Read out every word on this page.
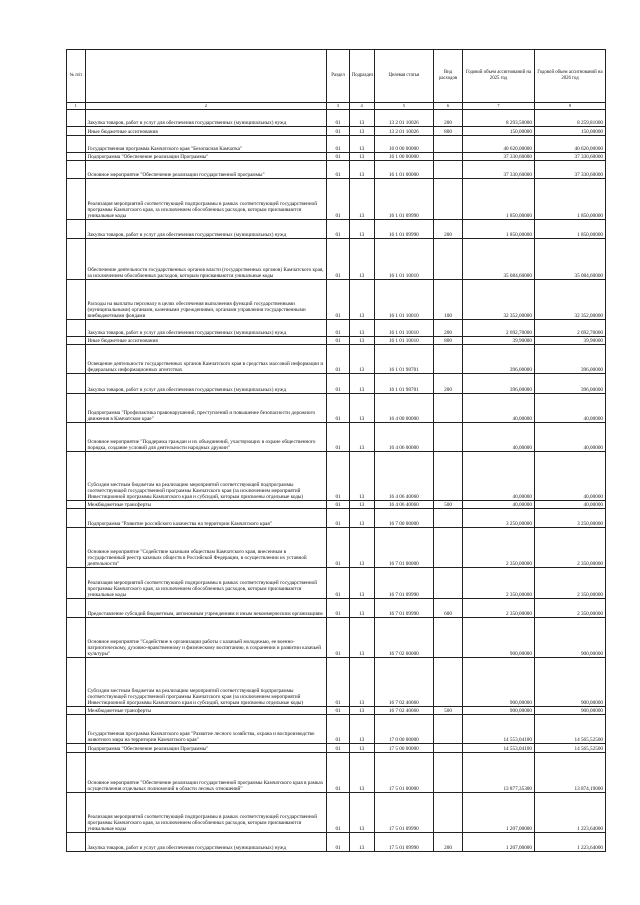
№ п/п		Раздел	Подраздел	Целевая статья	Вид расходов	Годовой объем ассигнований на 2025 год	Годовой объем ассигнований на 2026 год
1	2	3	4	5	6	7	8
	Закупка товаров, работ и услуг для обеспечения государственных (муниципальных) нужд	01	13	13 2 01 10026	200	8 293,50000	8 259,81000
	Иные бюджетные ассигнования	01	13	13 2 01 10026	800	150,00000	150,00000
	Государственная программа Камчатского края "Безопасная Камчатка"	01	13	16 0 00 00000		40 620,00000	40 620,00000
	Подпрограмма "Обеспечение реализации Программы"	01	13	16 1 00 00000		37 330,60000	37 330,60000
	Основное мероприятие "Обеспечение реализации государственной программы"	01	13	16 1 01 00000		37 330,60000	37 330,60000
	Реализация мероприятий соответствующей подпрограммы в рамках соответствующей государственной программы Камчатского края, за исключением обособленных расходов, которым присваиваются уникальные коды	01	13	16 1 01 09990		1 850,00000	1 850,00000
	Закупка товаров, работ и услуг для обеспечения государственных (муниципальных) нужд	01	13	16 1 01 09990	200	1 850,00000	1 850,00000
	Обеспечение деятельности государственных органов власти (государственных органов) Камчатского края, за исключением обособленных расходов, которым присваиваются уникальные коды	01	13	16 1 01 10010		35 084,60000	35 084,60000
	Расходы на выплаты персоналу в целях обеспечения выполнения функций государственными (муниципальными) органами, казенными учреждениями, органами управления государственными внебюджетными фондами	01	13	16 1 01 10010	100	32 352,00000	32 352,00000
	Закупка товаров, работ и услуг для обеспечения государственных (муниципальных) нужд	01	13	16 1 01 10010	200	2 692,70000	2 692,70000
	Иные бюджетные ассигнования	01	13	16 1 01 10010	800	39,90000	39,90000
	Освещение деятельности государственных органов Камчатского края в средствах массовой информации и федеральных информационных агентствах	01	13	16 1 01 98701		396,00000	396,00000
	Закупка товаров, работ и услуг для обеспечения государственных (муниципальных) нужд	01	13	16 1 01 98701	200	396,00000	396,00000
	Подпрограмма "Профилактика правонарушений, преступлений и повышение безопасности дорожного движения в Камчатском крае"	01	13	16 4 00 00000		40,00000	40,00000
	Основное мероприятие "Поддержка граждан и их объединений, участвующих в охране общественного порядка, создание условий для деятельности народных дружин"	01	13	16 4 06 00000		40,00000	40,00000
	Субсидии местным бюджетам на реализацию мероприятий соответствующей подпрограммы соответствующей государственной программы Камчатского края (за исключением мероприятий Инвестиционной программы Камчатского края и субсидий, которым присвоены отдельные коды)	01	13	16 4 06 40060		40,00000	40,00000
	Межбюджетные трансферты	01	13	16 4 06 40060	500	40,00000	40,00000
	Подпрограмма "Развитие российского казачества на территории Камчатского края"	01	13	16 7 00 00000		3 250,00000	3 250,00000
	Основное мероприятие "Содействие казачьим обществам Камчатского края, внесенным в государственный реестр казачьих обществ в Российской Федерации, в осуществлении их уставной деятельности"	01	13	16 7 01 00000		2 350,00000	2 350,00000
	Реализация мероприятий соответствующей подпрограммы в рамках соответствующей государственной программы Камчатского края, за исключением обособленных расходов, которым присваиваются уникальные коды	01	13	16 7 01 09990		2 350,00000	2 350,00000
	Предоставление субсидий бюджетным, автономным учреждениям и иным некоммерческим организациям	01	13	16 7 01 09990	600	2 350,00000	2 350,00000
	Основное мероприятие "Содействие в организации работы с казачьей молодежью, ее военно-патриотическому, духовно-нравственному и физическому воспитанию, в сохранении и развитии казачьей культуры"	01	13	16 7 02 00000		900,00000	900,00000
	Субсидии местным бюджетам на реализацию мероприятий соответствующей подпрограммы соответствующей государственной программы Камчатского края (за исключением мероприятий Инвестиционной программы Камчатского края и субсидий, которым присвоены отдельные коды)	01	13	16 7 02 40060		900,00000	900,00000
	Межбюджетные трансферты	01	13	16 7 02 40060	500	900,00000	900,00000
	Государственная программа Камчатского края "Развитие лесного хозяйства, охрана и воспроизводство животного мира на территории Камчатского края"	01	13	17 0 00 00000		14 553,04100	14 565,52500
	Подпрограмма "Обеспечение реализации Программы"	01	13	17 5 00 00000		14 553,04100	14 565,52500
	Основное мероприятие "Обеспечение реализации государственной программы Камчатского края в рамках осуществления отдельных полномочий в области лесных отношений"	01	13	17 5 01 00000		13 877,35300	13 874,19000
	Реализация мероприятий соответствующей подпрограммы в рамках соответствующей государственной программы Камчатского края, за исключением обособленных расходов, которым присваиваются уникальные коды	01	13	17 5 01 09990		1 207,00000	1 223,64000
	Закупка товаров, работ и услуг для обеспечения государственных (муниципальных) нужд	01	13	17 5 01 09990	200	1 207,00000	1 223,64000
